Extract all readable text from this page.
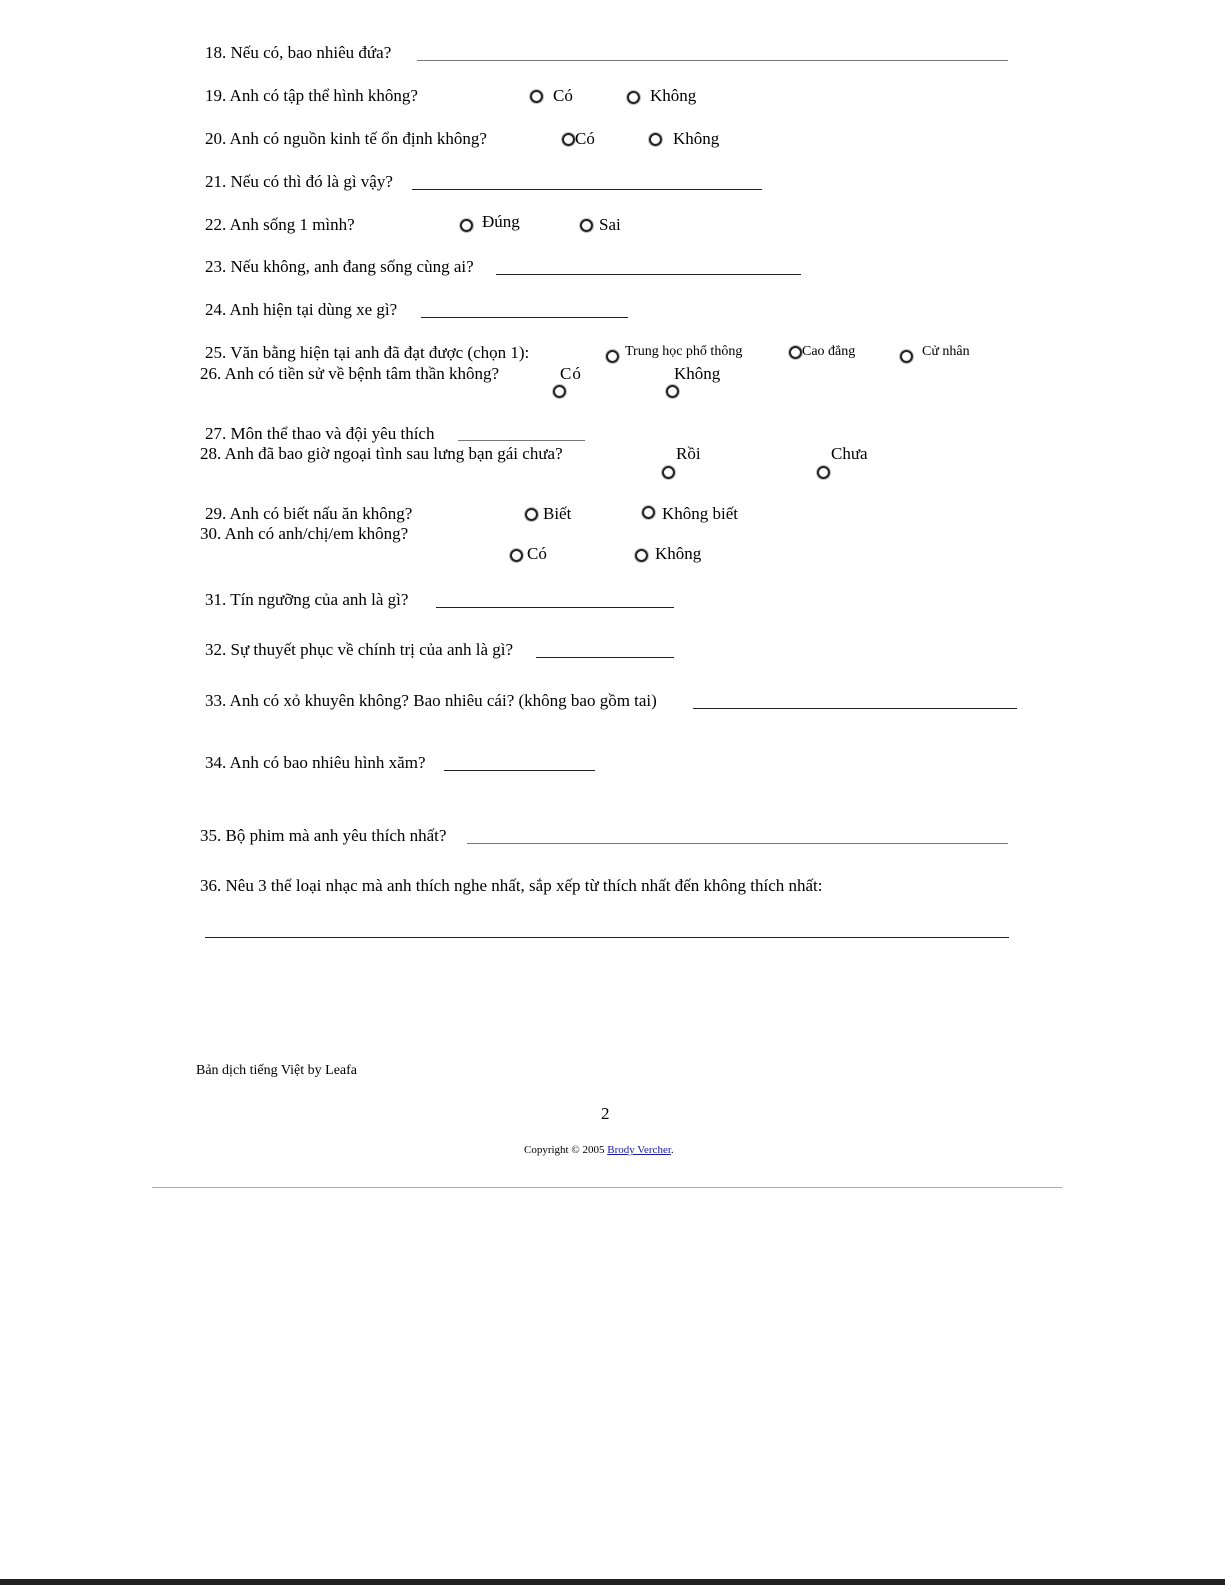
18. Nếu có, bao nhiêu đứa?
19. Anh có tập thể hình không?	Có	Không
20. Anh có nguồn kinh tế ổn định không?	Có	Không
21. Nếu có thì đó là gì vậy?
22. Anh sống 1 mình?	Đúng	Sai
23. Nếu không, anh đang sống cùng ai?
24. Anh hiện tại dùng xe gì?
25. Văn bằng hiện tại anh đã đạt được (chọn 1):	Trung học phổ thông	Cao đẳng	Cử nhân
26. Anh có tiền sử về bệnh tâm thần không?	Có	Không
27. Môn thể thao và đội yêu thích
28. Anh đã bao giờ ngoại tình sau lưng bạn gái chưa?	Rồi	Chưa
29. Anh có biết nấu ăn không?	Biết	Không biết
30. Anh có anh/chị/em không?
Có	Không
31. Tín ngưỡng của anh là gì?
32. Sự thuyết phục về chính trị của anh là gì?
33. Anh có xỏ khuyên không? Bao nhiêu cái? (không bao gồm tai)
34. Anh có bao nhiêu hình xăm?
35. Bộ phim mà anh yêu thích nhất?
36. Nêu 3 thể loại nhạc mà anh thích nghe nhất, sắp xếp từ thích nhất đến không thích nhất:
Bản dịch tiếng Việt by Leafa
2
Copyright © 2005 Brody Vercher.
